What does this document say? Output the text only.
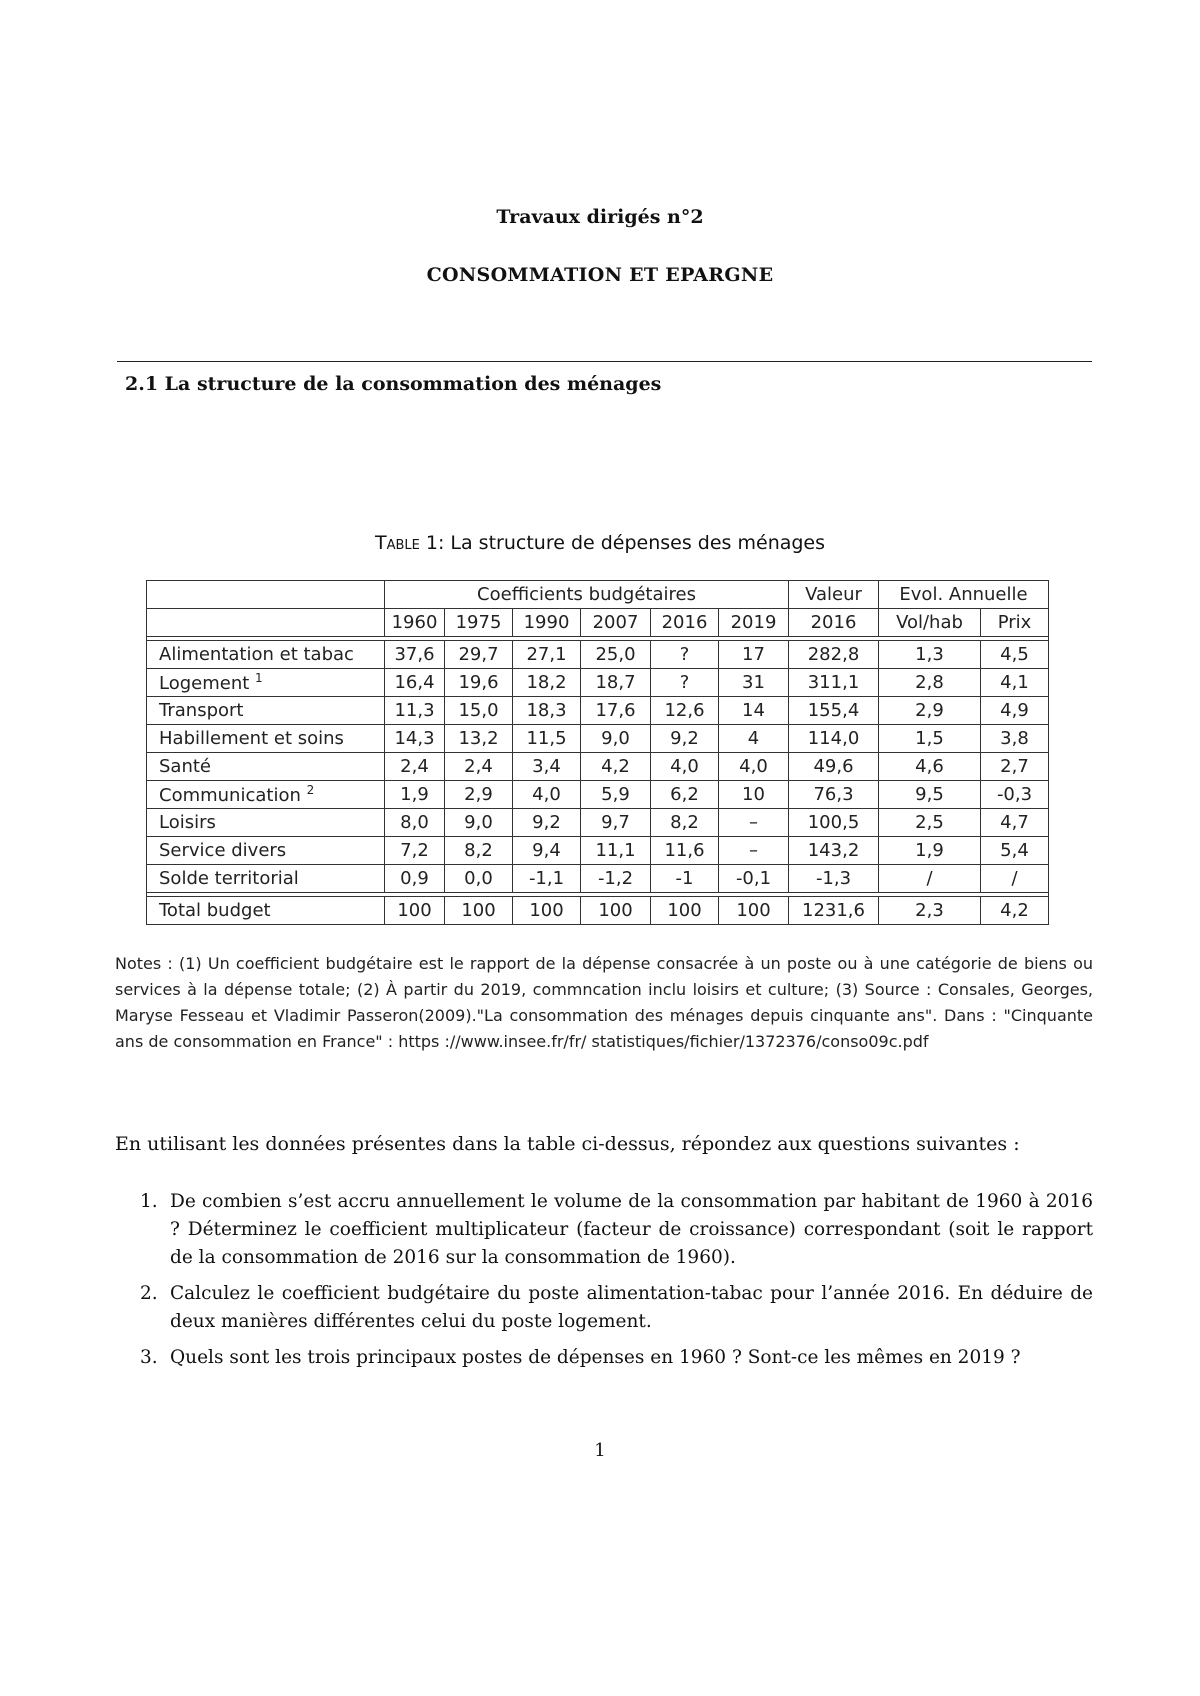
Travaux dirigés n°2
CONSOMMATION ET EPARGNE
2.1 La structure de la consommation des ménages
Table 1: La structure de dépenses des ménages
	Coefficients budgétaires						Valeur	Evol. Annuelle	
	1960	1975	1990	2007	2016	2019	2016	Vol/hab	Prix

Alimentation et tabac	37,6	29,7	27,1	25,0	?	17	282,8	1,3	4,5
Logement $^1$	16,4	19,6	18,2	18,7	?	31	311,1	2,8	4,1
Transport	11,3	15,0	18,3	17,6	12,6	14	155,4	2,9	4,9
Habillement et soins	14,3	13,2	11,5	9,0	9,2	4	114,0	1,5	3,8
Santé	2,4	2,4	3,4	4,2	4,0	4,0	49,6	4,6	2,7
Communication $^2$	1,9	2,9	4,0	5,9	6,2	10	76,3	9,5	-0,3
Loisirs	8,0	9,0	9,2	9,7	8,2	–	100,5	2,5	4,7
Service divers	7,2	8,2	9,4	11,1	11,6	–	143,2	1,9	5,4
Solde territorial	0,9	0,0	-1,1	-1,2	-1	-0,1	-1,3	/	/

Total budget	100	100	100	100	100	100	1231,6	2,3	4,2
Notes : (1) Un coefficient budgétaire est le rapport de la dépense consacrée à un poste ou à une catégorie de biens ou services à la dépense totale; (2) À partir du 2019, commncation inclu loisirs et culture; (3) Source : Consales, Georges, Maryse Fesseau et Vladimir Passeron(2009)."La consommation des ménages depuis cinquante ans". Dans : "Cinquante ans de consommation en France" : https ://www.insee.fr/fr/ statistiques/fichier/1372376/conso09c.pdf
En utilisant les données présentes dans la table ci-dessus, répondez aux questions suivantes :
1. De combien s’est accru annuellement le volume de la consommation par habitant de 1960 à 2016 ? Déterminez le coefficient multiplicateur (facteur de croissance) correspondant (soit le rapport de la consommation de 2016 sur la consommation de 1960).
2. Calculez le coefficient budgétaire du poste alimentation-tabac pour l’année 2016. En déduire de deux manières différentes celui du poste logement.
3. Quels sont les trois principaux postes de dépenses en 1960 ? Sont-ce les mêmes en 2019 ?
1
